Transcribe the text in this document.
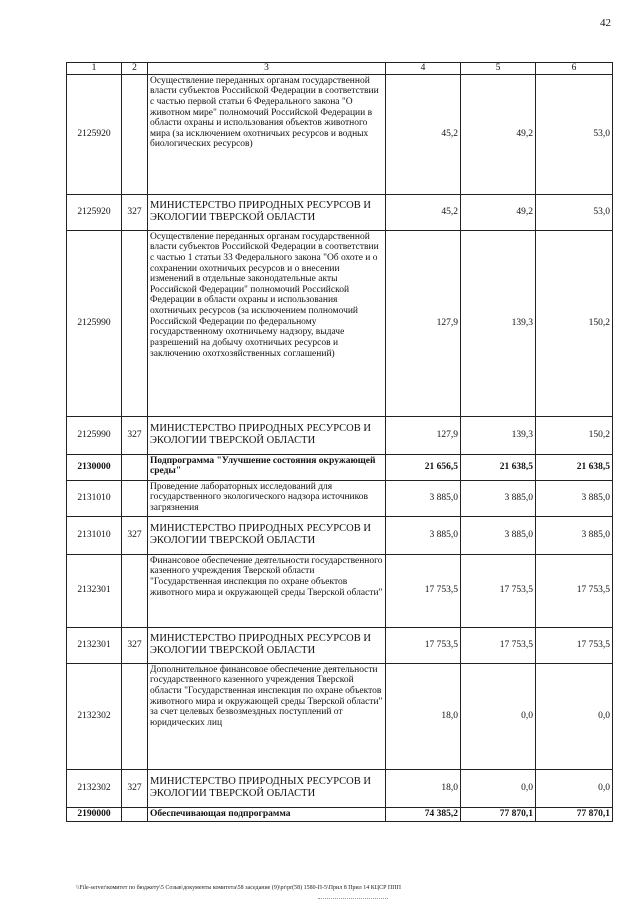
42
1	2	3	4	5	6
2125920		Осуществление переданных органам государственной власти субъектов Российской Федерации в соответствии с частью первой статьи 6 Федерального закона "О животном мире" полномочий Российской Федерации в области охраны и использования объектов животного мира (за исключением охотничьих ресурсов и водных биологических ресурсов)	45,2	49,2	53,0
2125920	327	МИНИСТЕРСТВО ПРИРОДНЫХ РЕСУРСОВ И ЭКОЛОГИИ ТВЕРСКОЙ ОБЛАСТИ	45,2	49,2	53,0
2125990		Осуществление переданных органам государственной власти субъектов Российской Федерации в соответствии с частью 1 статьи 33 Федерального закона "Об охоте и о сохранении охотничьих ресурсов и о внесении изменений в отдельные законодательные акты Российской Федерации" полномочий Российской Федерации в области охраны и использования охотничьих ресурсов (за исключением полномочий Российской Федерации по федеральному государственному охотничьему надзору, выдаче разрешений на добычу охотничьих ресурсов и заключению охотхозяйственных соглашений)	127,9	139,3	150,2
2125990	327	МИНИСТЕРСТВО ПРИРОДНЫХ РЕСУРСОВ И ЭКОЛОГИИ ТВЕРСКОЙ ОБЛАСТИ	127,9	139,3	150,2
2130000		Подпрограмма "Улучшение состояния окружающей среды"	21 656,5	21 638,5	21 638,5
2131010		Проведение лабораторных исследований для государственного экологического надзора источников загрязнения	3 885,0	3 885,0	3 885,0
2131010	327	МИНИСТЕРСТВО ПРИРОДНЫХ РЕСУРСОВ И ЭКОЛОГИИ ТВЕРСКОЙ ОБЛАСТИ	3 885,0	3 885,0	3 885,0
2132301		Финансовое обеспечение деятельности государственного казенного учреждения Тверской области "Государственная инспекция по охране объектов животного мира и окружающей среды Тверской области"	17 753,5	17 753,5	17 753,5
2132301	327	МИНИСТЕРСТВО ПРИРОДНЫХ РЕСУРСОВ И ЭКОЛОГИИ ТВЕРСКОЙ ОБЛАСТИ	17 753,5	17 753,5	17 753,5
2132302		Дополнительное финансовое обеспечение деятельности государственного казенного учреждения Тверской области "Государственная инспекция по охране объектов животного мира и окружающей среды Тверской области" за счет целевых безвозмездных поступлений от юридических лиц	18,0	0,0	0,0
2132302	327	МИНИСТЕРСТВО ПРИРОДНЫХ РЕСУРСОВ И ЭКОЛОГИИ ТВЕРСКОЙ ОБЛАСТИ	18,0	0,0	0,0
2190000		Обеспечивающая подпрограмма	74 385,2	77 870,1	77 870,1
\\File-server\комитет по бюджету\5 Созыв\документы комитета\58 заседание (9)\pr\pr(58) 1580-П-5\Прил 8 Прил 14 КЦСР ППП
